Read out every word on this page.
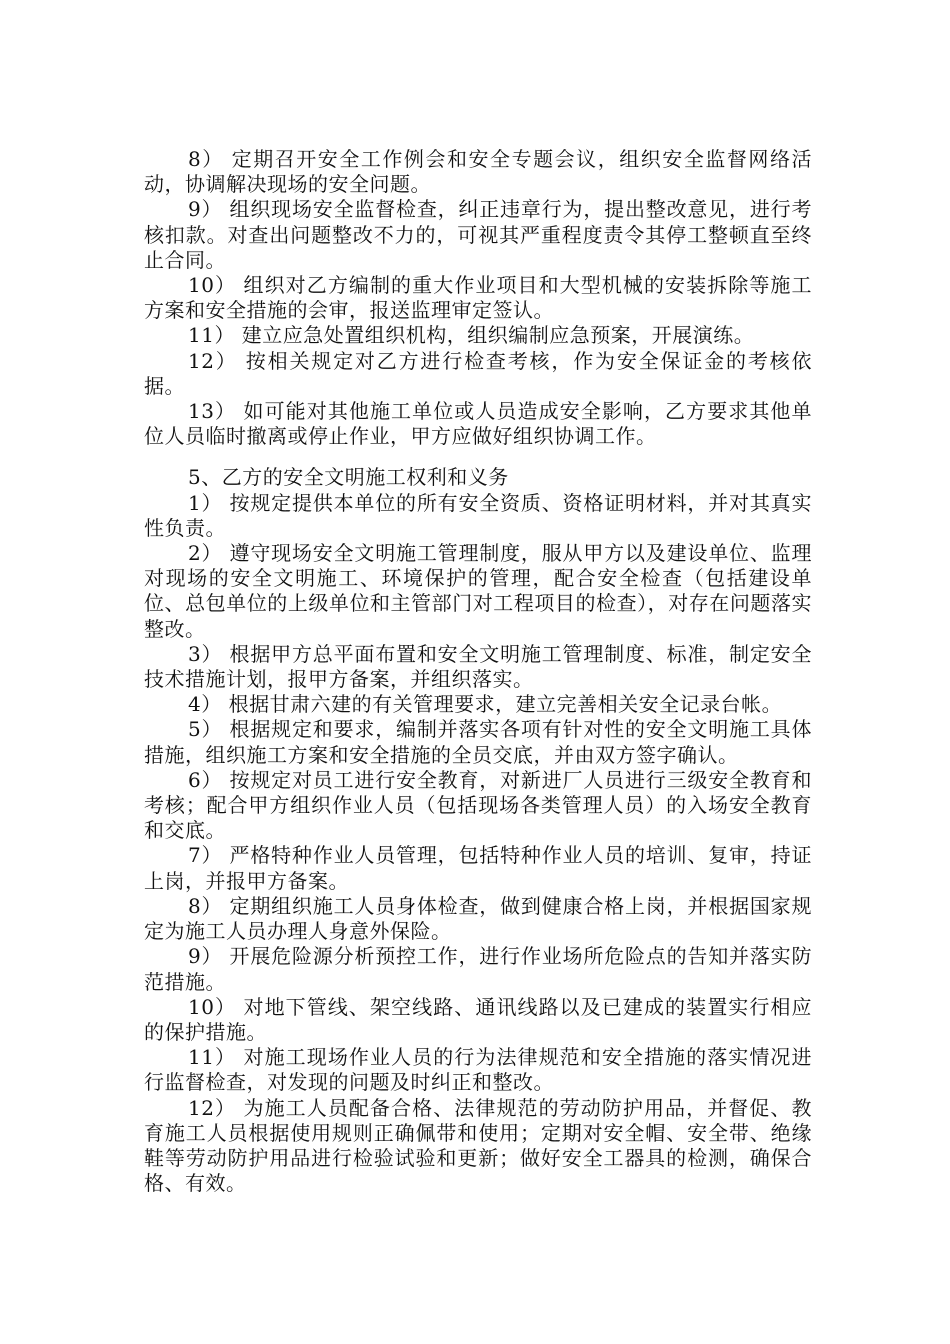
8） 定期召开安全工作例会和安全专题会议，组织安全监督网络活动，协调解决现场的安全问题。

9） 组织现场安全监督检查，纠正违章行为，提出整改意见，进行考核扣款。对查出问题整改不力的，可视其严重程度责令其停工整顿直至终止合同。

10） 组织对乙方编制的重大作业项目和大型机械的安装拆除等施工方案和安全措施的会审，报送监理审定签认。

11） 建立应急处置组织机构，组织编制应急预案，开展演练。

12） 按相关规定对乙方进行检查考核，作为安全保证金的考核依据。

13） 如可能对其他施工单位或人员造成安全影响，乙方要求其他单位人员临时撤离或停止作业，甲方应做好组织协调工作。

5、乙方的安全文明施工权利和义务

1） 按规定提供本单位的所有安全资质、资格证明材料，并对其真实性负责。

2） 遵守现场安全文明施工管理制度，服从甲方以及建设单位、监理对现场的安全文明施工、环境保护的管理，配合安全检查（包括建设单位、总包单位的上级单位和主管部门对工程项目的检查），对存在问题落实整改。

3） 根据甲方总平面布置和安全文明施工管理制度、标准，制定安全技术措施计划，报甲方备案，并组织落实。

4） 根据甘肃六建的有关管理要求，建立完善相关安全记录台帐。

5） 根据规定和要求，编制并落实各项有针对性的安全文明施工具体措施，组织施工方案和安全措施的全员交底，并由双方签字确认。

6） 按规定对员工进行安全教育，对新进厂人员进行三级安全教育和考核；配合甲方组织作业人员（包括现场各类管理人员）的入场安全教育和交底。

7） 严格特种作业人员管理，包括特种作业人员的培训、复审，持证上岗，并报甲方备案。

8） 定期组织施工人员身体检查，做到健康合格上岗，并根据国家规定为施工人员办理人身意外保险。

9） 开展危险源分析预控工作，进行作业场所危险点的告知并落实防范措施。

10） 对地下管线、架空线路、通讯线路以及已建成的装置实行相应的保护措施。

11） 对施工现场作业人员的行为法律规范和安全措施的落实情况进行监督检查，对发现的问题及时纠正和整改。

12） 为施工人员配备合格、法律规范的劳动防护用品，并督促、教育施工人员根据使用规则正确佩带和使用；定期对安全帽、安全带、绝缘鞋等劳动防护用品进行检验试验和更新；做好安全工器具的检测，确保合格、有效。
